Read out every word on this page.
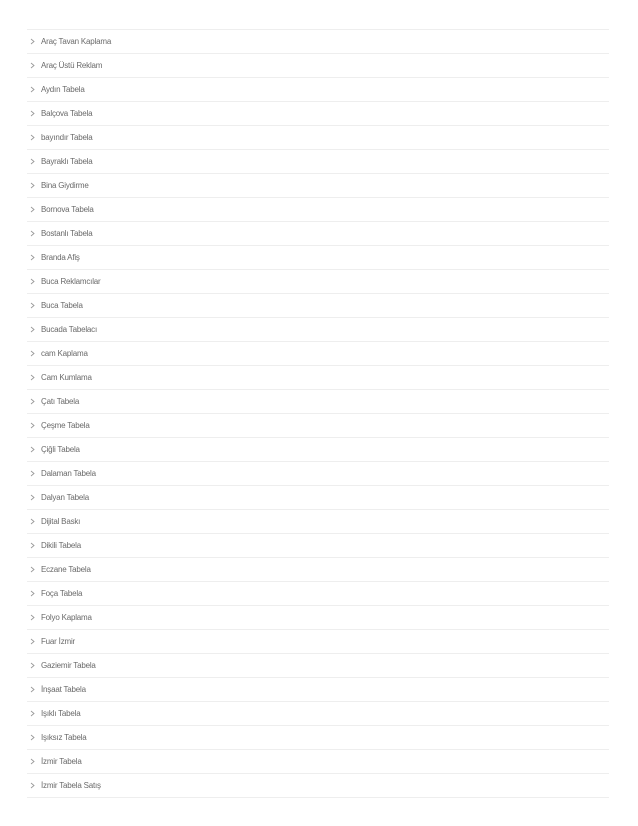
Araç Tavan Kaplama
Araç Üstü Reklam
Aydın Tabela
Balçova Tabela
bayındır Tabela
Bayraklı Tabela
Bina Giydirme
Bornova Tabela
Bostanlı Tabela
Branda Afiş
Buca Reklamcılar
Buca Tabela
Bucada Tabelacı
cam Kaplama
Cam Kumlama
Çatı Tabela
Çeşme Tabela
Çiğli Tabela
Dalaman Tabela
Dalyan Tabela
Dijital Baskı
Dikili Tabela
Eczane Tabela
Foça Tabela
Folyo Kaplama
Fuar İzmir
Gaziemir Tabela
İnşaat Tabela
Işıklı Tabela
Işıksız Tabela
İzmir Tabela
İzmir Tabela Satış
